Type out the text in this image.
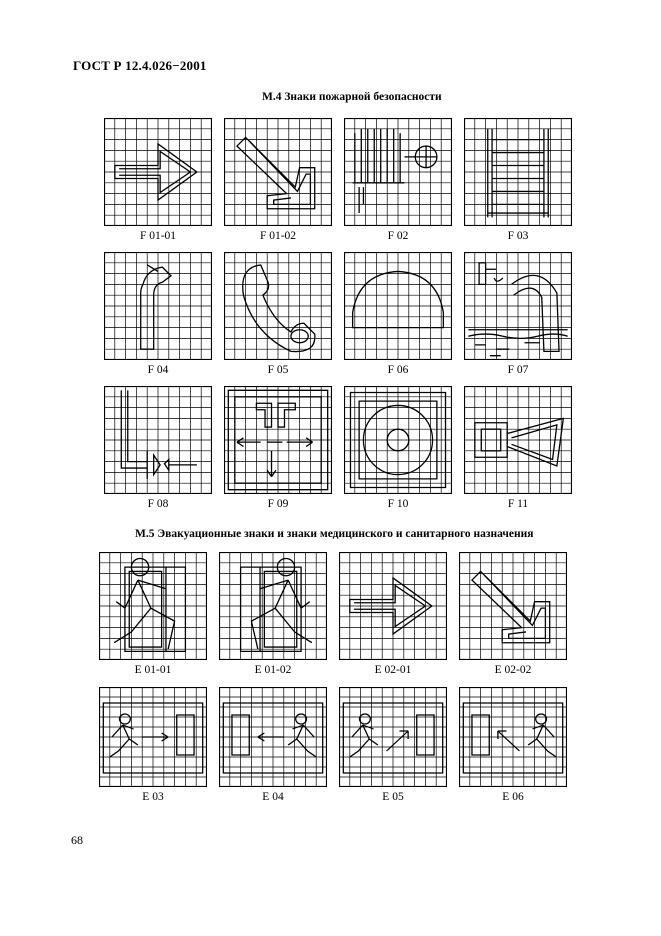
ГОСТ Р 12.4.026−2001
М.4 Знаки пожарной безопасности
М.5 Эвакуационные знаки и знаки медицинского и санитарного назначения
68
F 01-01	F 01-02	F 02	F 03
F 04	F 05	F 06	F 07
F 08	F 09	F 10	F 11
E 01-01	E 01-02	E 02-01	E 02-02
E 03	E 04	E 05	E 06
